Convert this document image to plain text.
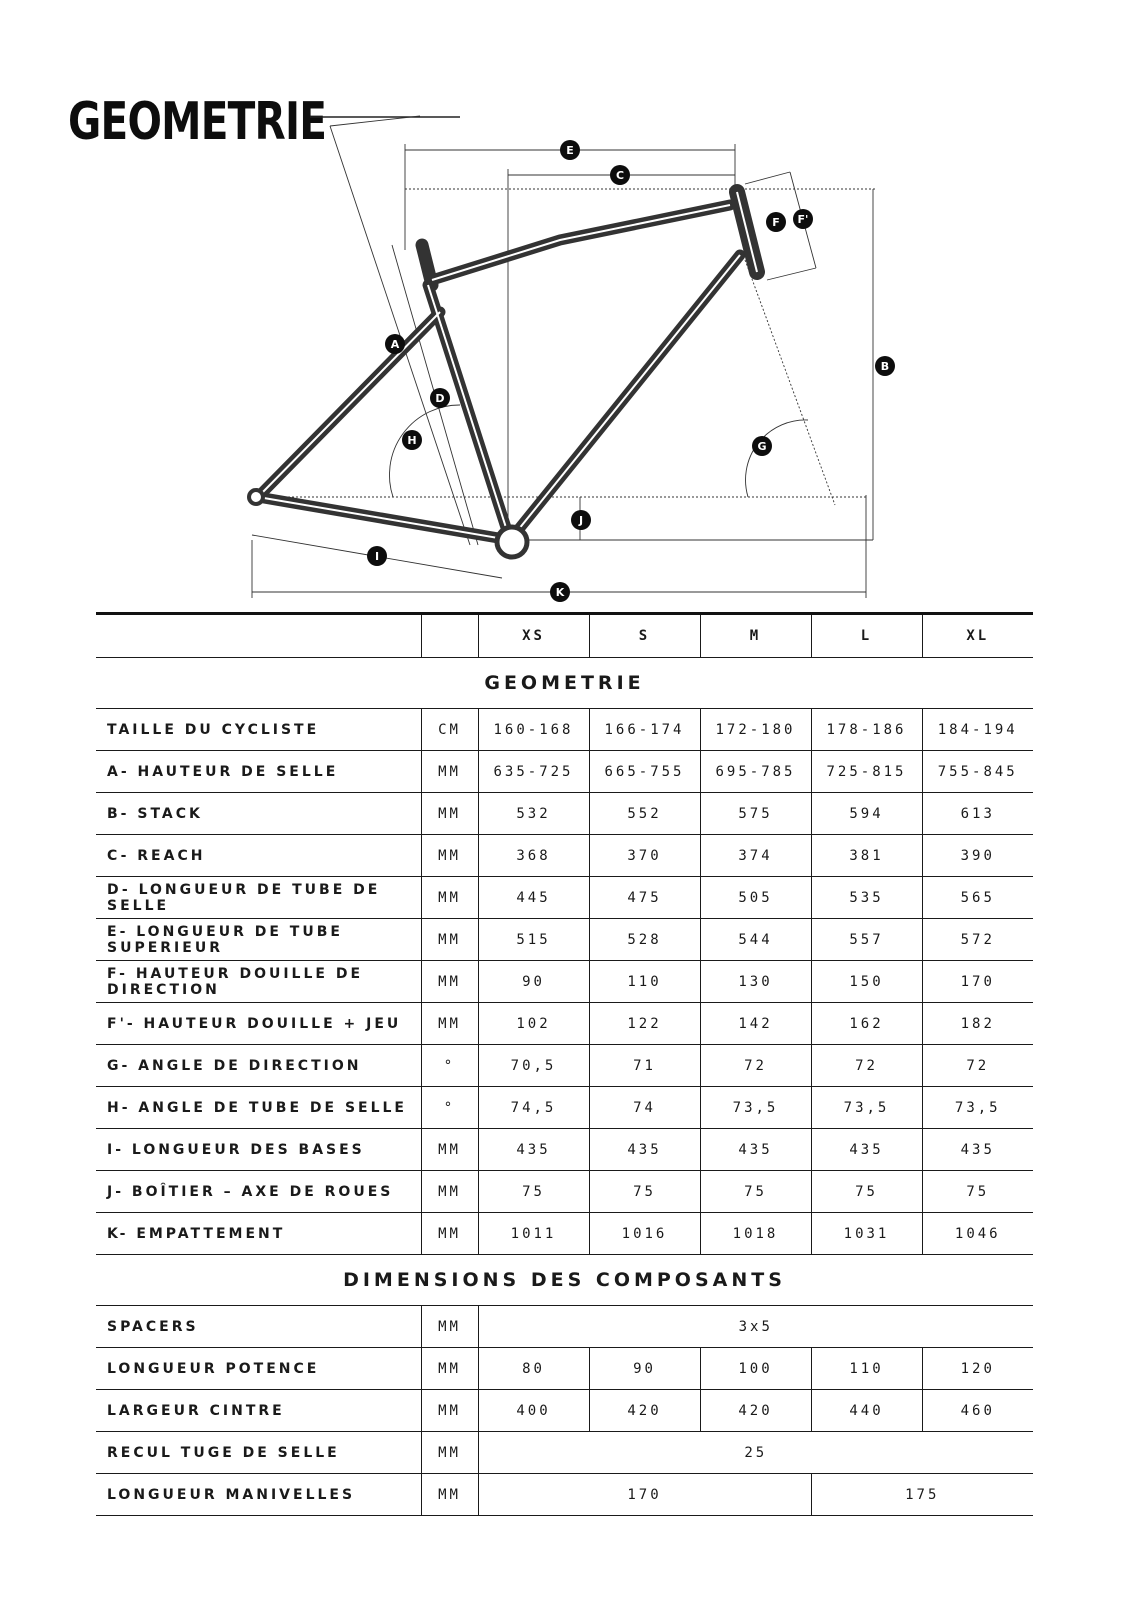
GEOMETRIE
A
B
C
D
E
F F'
G
H
I
J
K
		XS	S	M	L	XL
GEOMETRIE						
TAILLE DU CYCLISTE	CM	160-168	166-174	172-180	178-186	184-194
A- HAUTEUR DE SELLE	MM	635-725	665-755	695-785	725-815	755-845
B- STACK	MM	532	552	575	594	613
C- REACH	MM	368	370	374	381	390
D- LONGUEUR DE TUBE DE SELLE	MM	445	475	505	535	565
E- LONGUEUR DE TUBE SUPERIEUR	MM	515	528	544	557	572
F- HAUTEUR DOUILLE DE DIRECTION	MM	90	110	130	150	170
F'- HAUTEUR DOUILLE + JEU	MM	102	122	142	162	182
G- ANGLE DE DIRECTION	°	70,5	71	72	72	72
H- ANGLE DE TUBE DE SELLE	°	74,5	74	73,5	73,5	73,5
I- LONGUEUR DES BASES	MM	435	435	435	435	435
J- BOÎTIER – AXE DE ROUES	MM	75	75	75	75	75
K- EMPATTEMENT	MM	1011	1016	1018	1031	1046
DIMENSIONS DES COMPOSANTS						
SPACERS	MM	3x5				
LONGUEUR POTENCE	MM	80	90	100	110	120
LARGEUR CINTRE	MM	400	420	420	440	460
RECUL TUGE DE SELLE	MM	25				
LONGUEUR MANIVELLES	MM	170			175	
